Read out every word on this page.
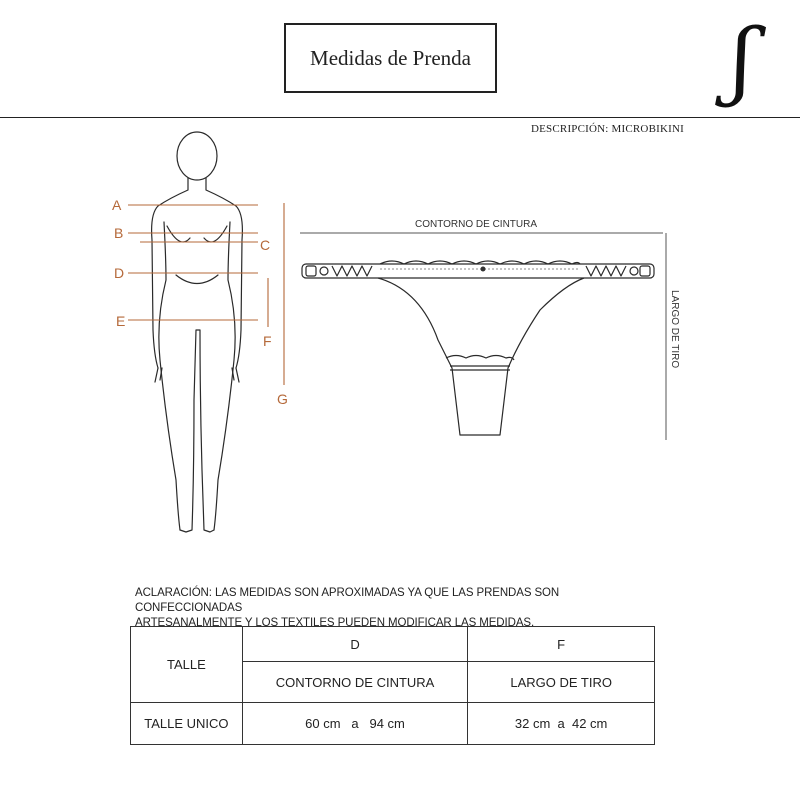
Medidas de Prenda	ʃ
DESCRIPCIÓN: MICROBIKINI
A
B
C
D
E
F
G
CONTORNO DE CINTURA
LARGO DE TIRO
ACLARACIÓN: LAS MEDIDAS SON APROXIMADAS YA QUE LAS PRENDAS SON CONFECCIONADAS
ARTESANALMENTE Y LOS TEXTILES PUEDEN MODIFICAR LAS MEDIDAS.
TALLE	D	F
	CONTORNO DE CINTURA	LARGO DE TIRO
TALLE UNICO	60 cm   a   94 cm	32 cm  a  42 cm
